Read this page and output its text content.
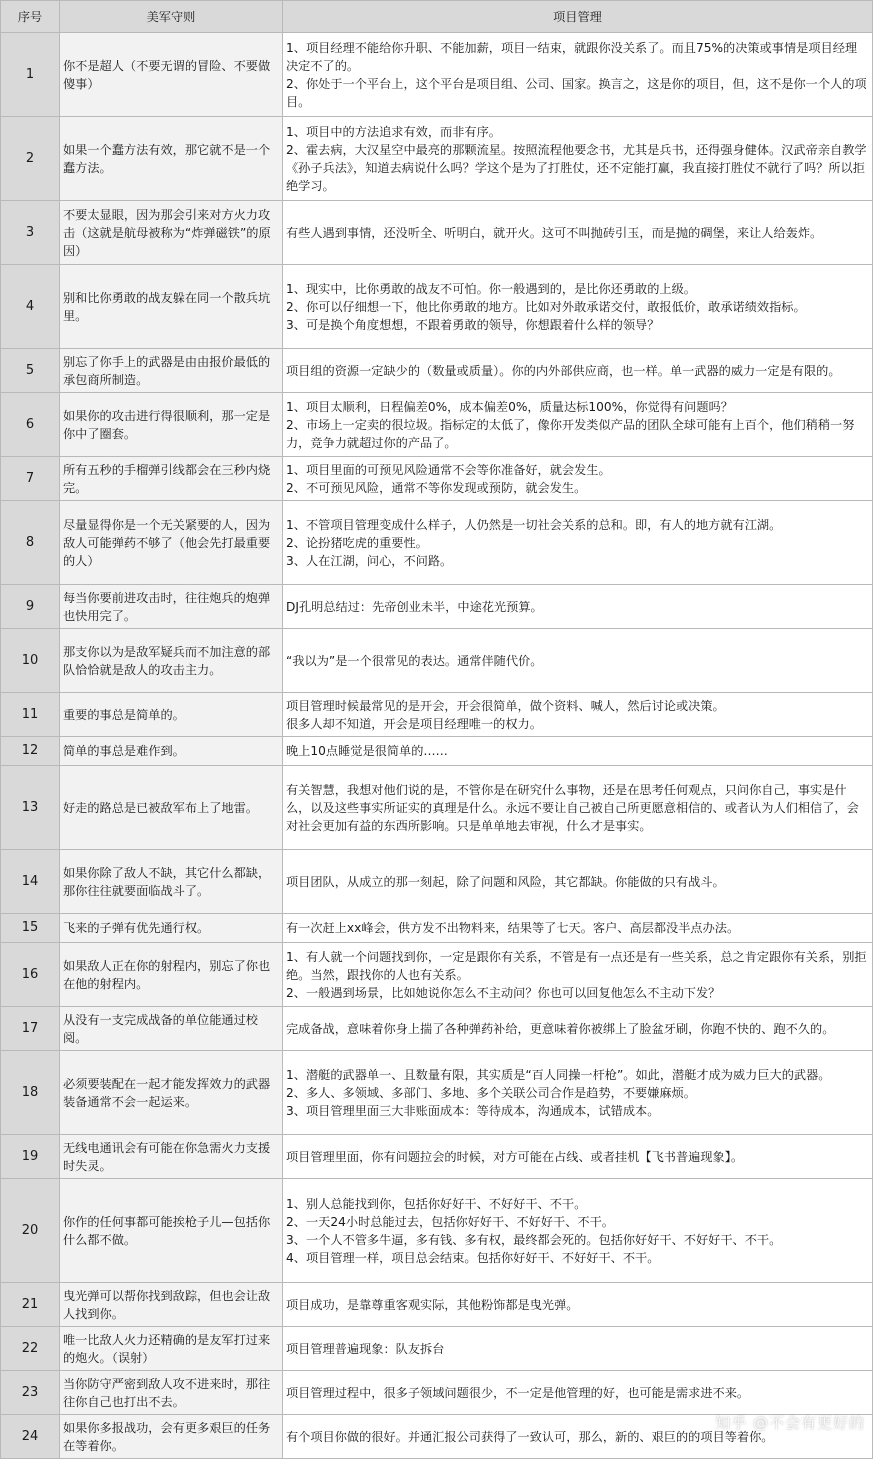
序号	美军守则	项目管理
1	你不是超人（不要无谓的冒险、不要做傻事）	1、项目经理不能给你升职、不能加薪，项目一结束，就跟你没关系了。而且75%的决策或事情是项目经理决定不了的。
2、你处于一个平台上，这个平台是项目组、公司、国家。换言之，这是你的项目，但，这不是你一个人的项目。

2	如果一个蠢方法有效，那它就不是一个蠢方法。	1、项目中的方法追求有效，而非有序。
2、霍去病，大汉星空中最亮的那颗流星。按照流程他要念书，尤其是兵书，还得强身健体。汉武帝亲自教学《孙子兵法》，知道去病说什么吗？学这个是为了打胜仗，还不定能打赢，我直接打胜仗不就行了吗？所以拒绝学习。

3	不要太显眼，因为那会引来对方火力攻击（这就是航母被称为“炸弹磁铁”的原因）	有些人遇到事情，还没听全、听明白，就开火。这可不叫抛砖引玉，而是抛的碉堡，来让人给轰炸。

4	别和比你勇敢的战友躲在同一个散兵坑里。	1、现实中，比你勇敢的战友不可怕。你一般遇到的，是比你还勇敢的上级。
2、你可以仔细想一下，他比你勇敢的地方。比如对外敢承诺交付，敢报低价，敢承诺绩效指标。
3、可是换个角度想想，不跟着勇敢的领导，你想跟着什么样的领导？

5	别忘了你手上的武器是由由报价最低的承包商所制造。	项目组的资源一定缺少的（数量或质量）。你的内外部供应商，也一样。单一武器的威力一定是有限的。

6	如果你的攻击进行得很顺利，那一定是你中了圈套。	1、项目太顺利，日程偏差0%，成本偏差0%，质量达标100%，你觉得有问题吗？
2、市场上一定卖的很垃圾。指标定的太低了，像你开发类似产品的团队全球可能有上百个，他们稍稍一努力，竞争力就超过你的产品了。

7	所有五秒的手榴弹引线都会在三秒内烧完。	1、项目里面的可预见风险通常不会等你准备好，就会发生。
2、不可预见风险，通常不等你发现或预防，就会发生。

8	尽量显得你是一个无关紧要的人，因为敌人可能弹药不够了（他会先打最重要的人）	1、不管项目管理变成什么样子，人仍然是一切社会关系的总和。即，有人的地方就有江湖。
2、论扮猪吃虎的重要性。
3、人在江湖，问心，不问路。

9	每当你要前进攻击时，往往炮兵的炮弹也快用完了。	DJ孔明总结过：先帝创业未半，中途花光预算。

10	那支你以为是敌军疑兵而不加注意的部队恰恰就是敌人的攻击主力。	“我以为”是一个很常见的表达。通常伴随代价。

11	重要的事总是简单的。	项目管理时候最常见的是开会，开会很简单，做个资料、喊人，然后讨论或决策。
很多人却不知道，开会是项目经理唯一的权力。

12	简单的事总是难作到。	晚上10点睡觉是很简单的……

13	好走的路总是已被敌军布上了地雷。	有关智慧，我想对他们说的是，不管你是在研究什么事物，还是在思考任何观点，只问你自己，事实是什么，以及这些事实所证实的真理是什么。永远不要让自己被自己所更愿意相信的、或者认为人们相信了，会对社会更加有益的东西所影响。只是单单地去审视，什么才是事实。

14	如果你除了敌人不缺，其它什么都缺，那你往往就要面临战斗了。	项目团队，从成立的那一刻起，除了问题和风险，其它都缺。你能做的只有战斗。

15	飞来的子弹有优先通行权。	有一次赶上xx峰会，供方发不出物料来，结果等了七天。客户、高层都没半点办法。

16	如果敌人正在你的射程内，别忘了你也在他的射程内。	1、有人就一个问题找到你，一定是跟你有关系，不管是有一点还是有一些关系，总之肯定跟你有关系，别拒绝。当然，跟找你的人也有关系。
2、一般遇到场景，比如她说你怎么不主动问？你也可以回复他怎么不主动下发？

17	从没有一支完成战备的单位能通过校阅。	完成备战，意味着你身上揣了各种弹药补给，更意味着你被绑上了脸盆牙刷，你跑不快的、跑不久的。

18	必须要装配在一起才能发挥效力的武器装备通常不会一起运来。	1、潜艇的武器单一、且数量有限，其实质是“百人同操一杆枪”。如此，潜艇才成为威力巨大的武器。
2、多人、多领域、多部门、多地、多个关联公司合作是趋势，不要嫌麻烦。
3、项目管理里面三大非账面成本：等待成本，沟通成本，试错成本。

19	无线电通讯会有可能在你急需火力支援时失灵。	项目管理里面，你有问题拉会的时候，对方可能在占线、或者挂机【飞书普遍现象】。

20	你作的任何事都可能挨枪子儿—包括你什么都不做。	1、别人总能找到你，包括你好好干、不好好干、不干。
2、一天24小时总能过去，包括你好好干、不好好干、不干。
3、一个人不管多牛逼，多有钱、多有权，最终都会死的。包括你好好干、不好好干、不干。
4、项目管理一样，项目总会结束。包括你好好干、不好好干、不干。

21	曳光弹可以帮你找到敌踪，但也会让敌人找到你。	项目成功，是靠尊重客观实际，其他粉饰都是曳光弹。

22	唯一比敌人火力还精确的是友军打过来的炮火。（误射）	项目管理普遍现象：队友拆台

23	当你防守严密到敌人攻不进来时，那往往你自己也打出不去。	项目管理过程中，很多子领域问题很少，不一定是他管理的好，也可能是需求进不来。

24	如果你多报战功，会有更多艰巨的任务在等着你。	有个项目你做的很好。并通汇报公司获得了一致认可，那么，新的、艰巨的的项目等着你。
知乎 @不会有更好的
